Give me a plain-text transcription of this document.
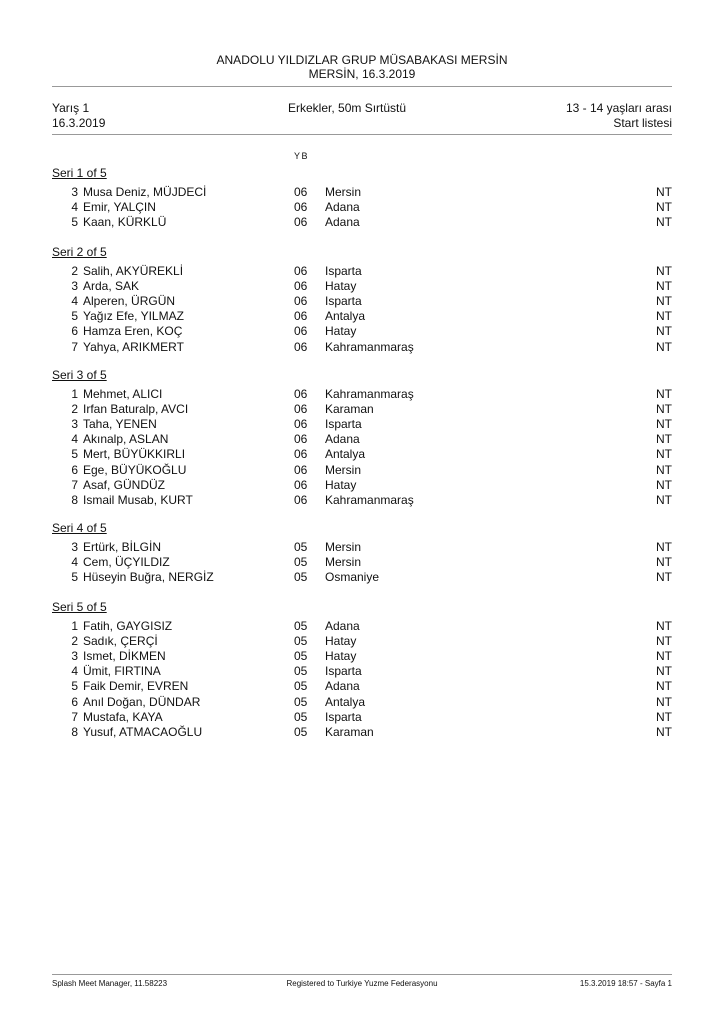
ANADOLU YILDIZLAR GRUP MÜSABAKASI MERSİN
MERSİN, 16.3.2019
Yarış 1
16.3.2019
Erkekler, 50m Sırtüstü	13 - 14 yaşları arası
Start listesi
YB
Seri 1 of 5
3 Musa Deniz, MÜJDECİ	06 Mersin	NT
4 Emir, YALÇIN	06 Adana	NT
5 Kaan, KÜRKLÜ	06 Adana	NT
Seri 2 of 5
2 Salih, AKYÜREKLİ	06 Isparta	NT
3 Arda, SAK	06 Hatay	NT
4 Alperen, ÜRGÜN	06 Isparta	NT
5 Yağız Efe, YILMAZ	06 Antalya	NT
6 Hamza Eren, KOÇ	06 Hatay	NT
7 Yahya, ARIKMERT	06 Kahramanmaraş	NT
Seri 3 of 5
1 Mehmet, ALICI	06 Kahramanmaraş	NT
2 Irfan Baturalp, AVCI	06 Karaman	NT
3 Taha, YENEN	06 Isparta	NT
4 Akınalp, ASLAN	06 Adana	NT
5 Mert, BÜYÜKKIRLI	06 Antalya	NT
6 Ege, BÜYÜKOĞLU	06 Mersin	NT
7 Asaf, GÜNDÜZ	06 Hatay	NT
8 Ismail Musab, KURT	06 Kahramanmaraş	NT
Seri 4 of 5
3 Ertürk, BİLGİN	05 Mersin	NT
4 Cem, ÜÇYILDIZ	05 Mersin	NT
5 Hüseyin Buğra, NERGİZ	05 Osmaniye	NT
Seri 5 of 5
1 Fatih, GAYGISIZ	05 Adana	NT
2 Sadık, ÇERÇİ	05 Hatay	NT
3 Ismet, DİKMEN	05 Hatay	NT
4 Ümit, FIRTINA	05 Isparta	NT
5 Faik Demir, EVREN	05 Adana	NT
6 Anıl Doğan, DÜNDAR	05 Antalya	NT
7 Mustafa, KAYA	05 Isparta	NT
8 Yusuf, ATMACAOĞLU	05 Karaman	NT
Splash Meet Manager, 11.58223	Registered to Turkiye Yuzme Federasyonu	15.3.2019 18:57 - Sayfa 1
